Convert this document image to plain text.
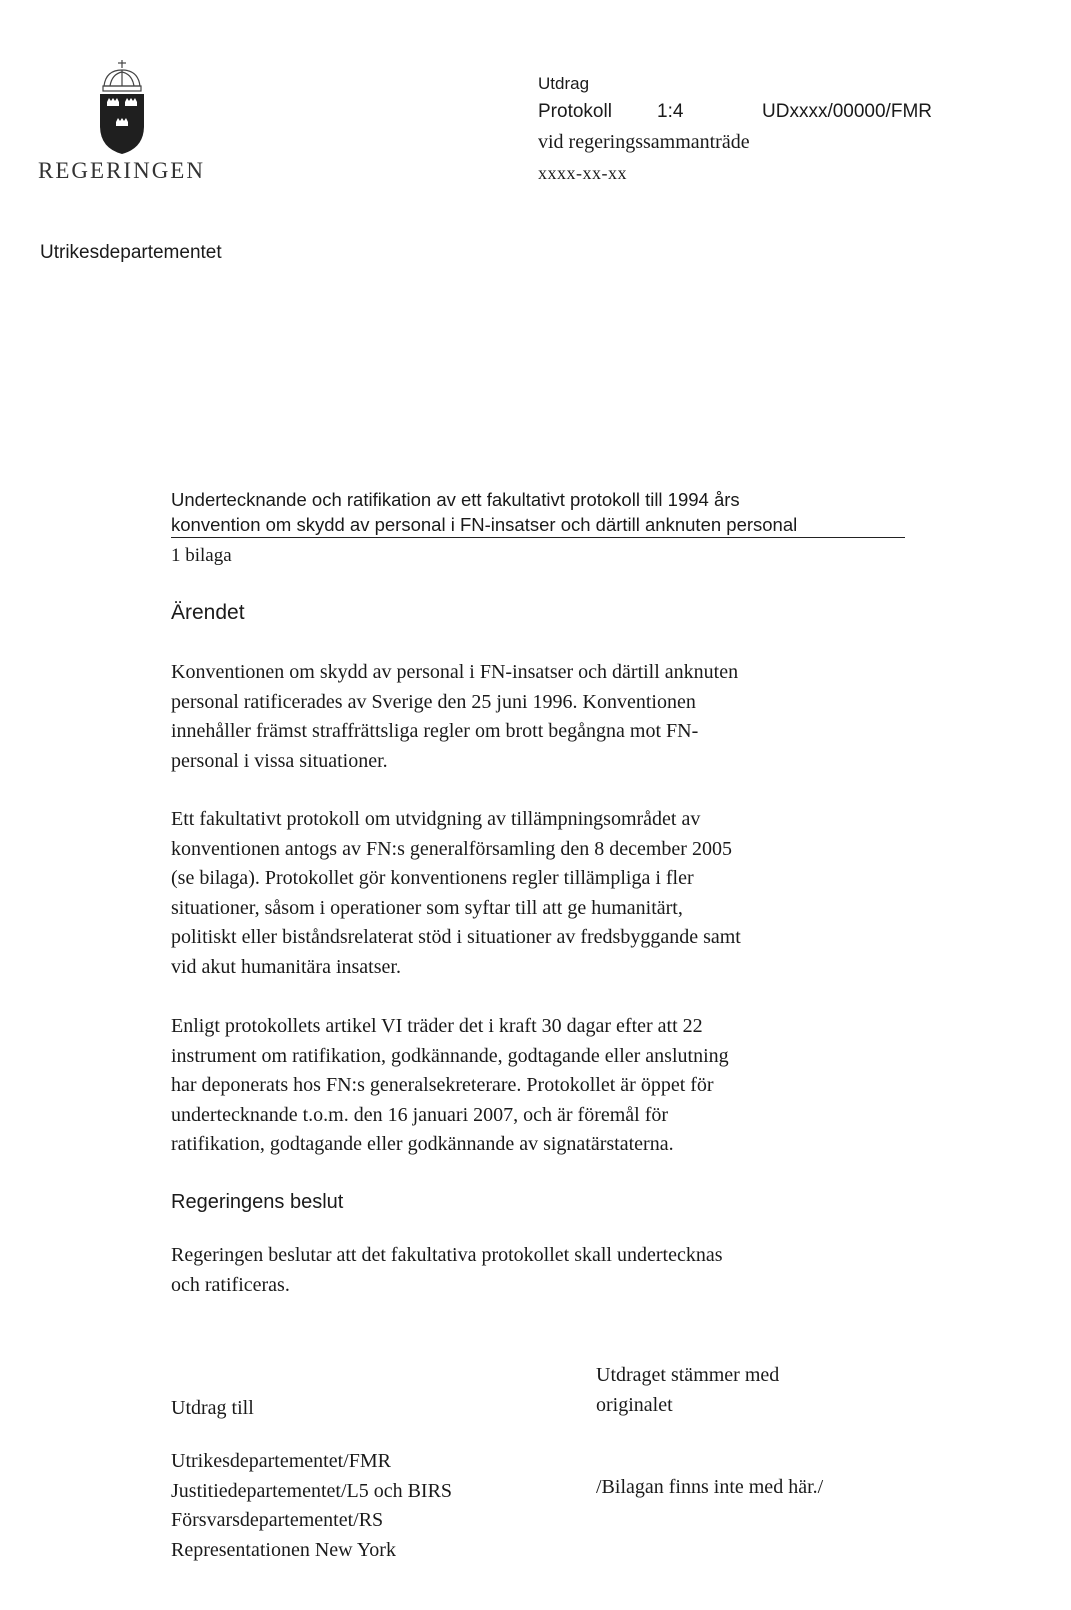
REGERINGEN
Utdrag
Protokoll 1:4	UDxxxx/00000/FMR
vid regeringssammanträde
xxxx-xx-xx
Utrikesdepartementet
Undertecknande och ratifikation av ett fakultativt protokoll till 1994 års
konvention om skydd av personal i FN-insatser och därtill anknuten personal
1 bilaga
Ärendet
Konventionen om skydd av personal i FN-insatser och därtill anknuten
personal ratificerades av Sverige den 25 juni 1996. Konventionen
innehåller främst straffrättsliga regler om brott begångna mot FN-
personal i vissa situationer.
Ett fakultativt protokoll om utvidgning av tillämpningsområdet av
konventionen antogs av FN:s generalförsamling den 8 december 2005
(se bilaga). Protokollet gör konventionens regler tillämpliga i fler
situationer, såsom i operationer som syftar till att ge humanitärt,
politiskt eller biståndsrelaterat stöd i situationer av fredsbyggande samt
vid akut humanitära insatser.
Enligt protokollets artikel VI träder det i kraft 30 dagar efter att 22
instrument om ratifikation, godkännande, godtagande eller anslutning
har deponerats hos FN:s generalsekreterare. Protokollet är öppet för
undertecknande t.o.m. den 16 januari 2007, och är föremål för
ratifikation, godtagande eller godkännande av signatärstaterna.
Regeringens beslut
Regeringen beslutar att det fakultativa protokollet skall undertecknas
och ratificeras.
Utdraget stämmer med
originalet
Utdrag till
Utrikesdepartementet/FMR
Justitiedepartementet/L5 och BIRS
Försvarsdepartementet/RS
Representationen New York
/Bilagan finns inte med här./
